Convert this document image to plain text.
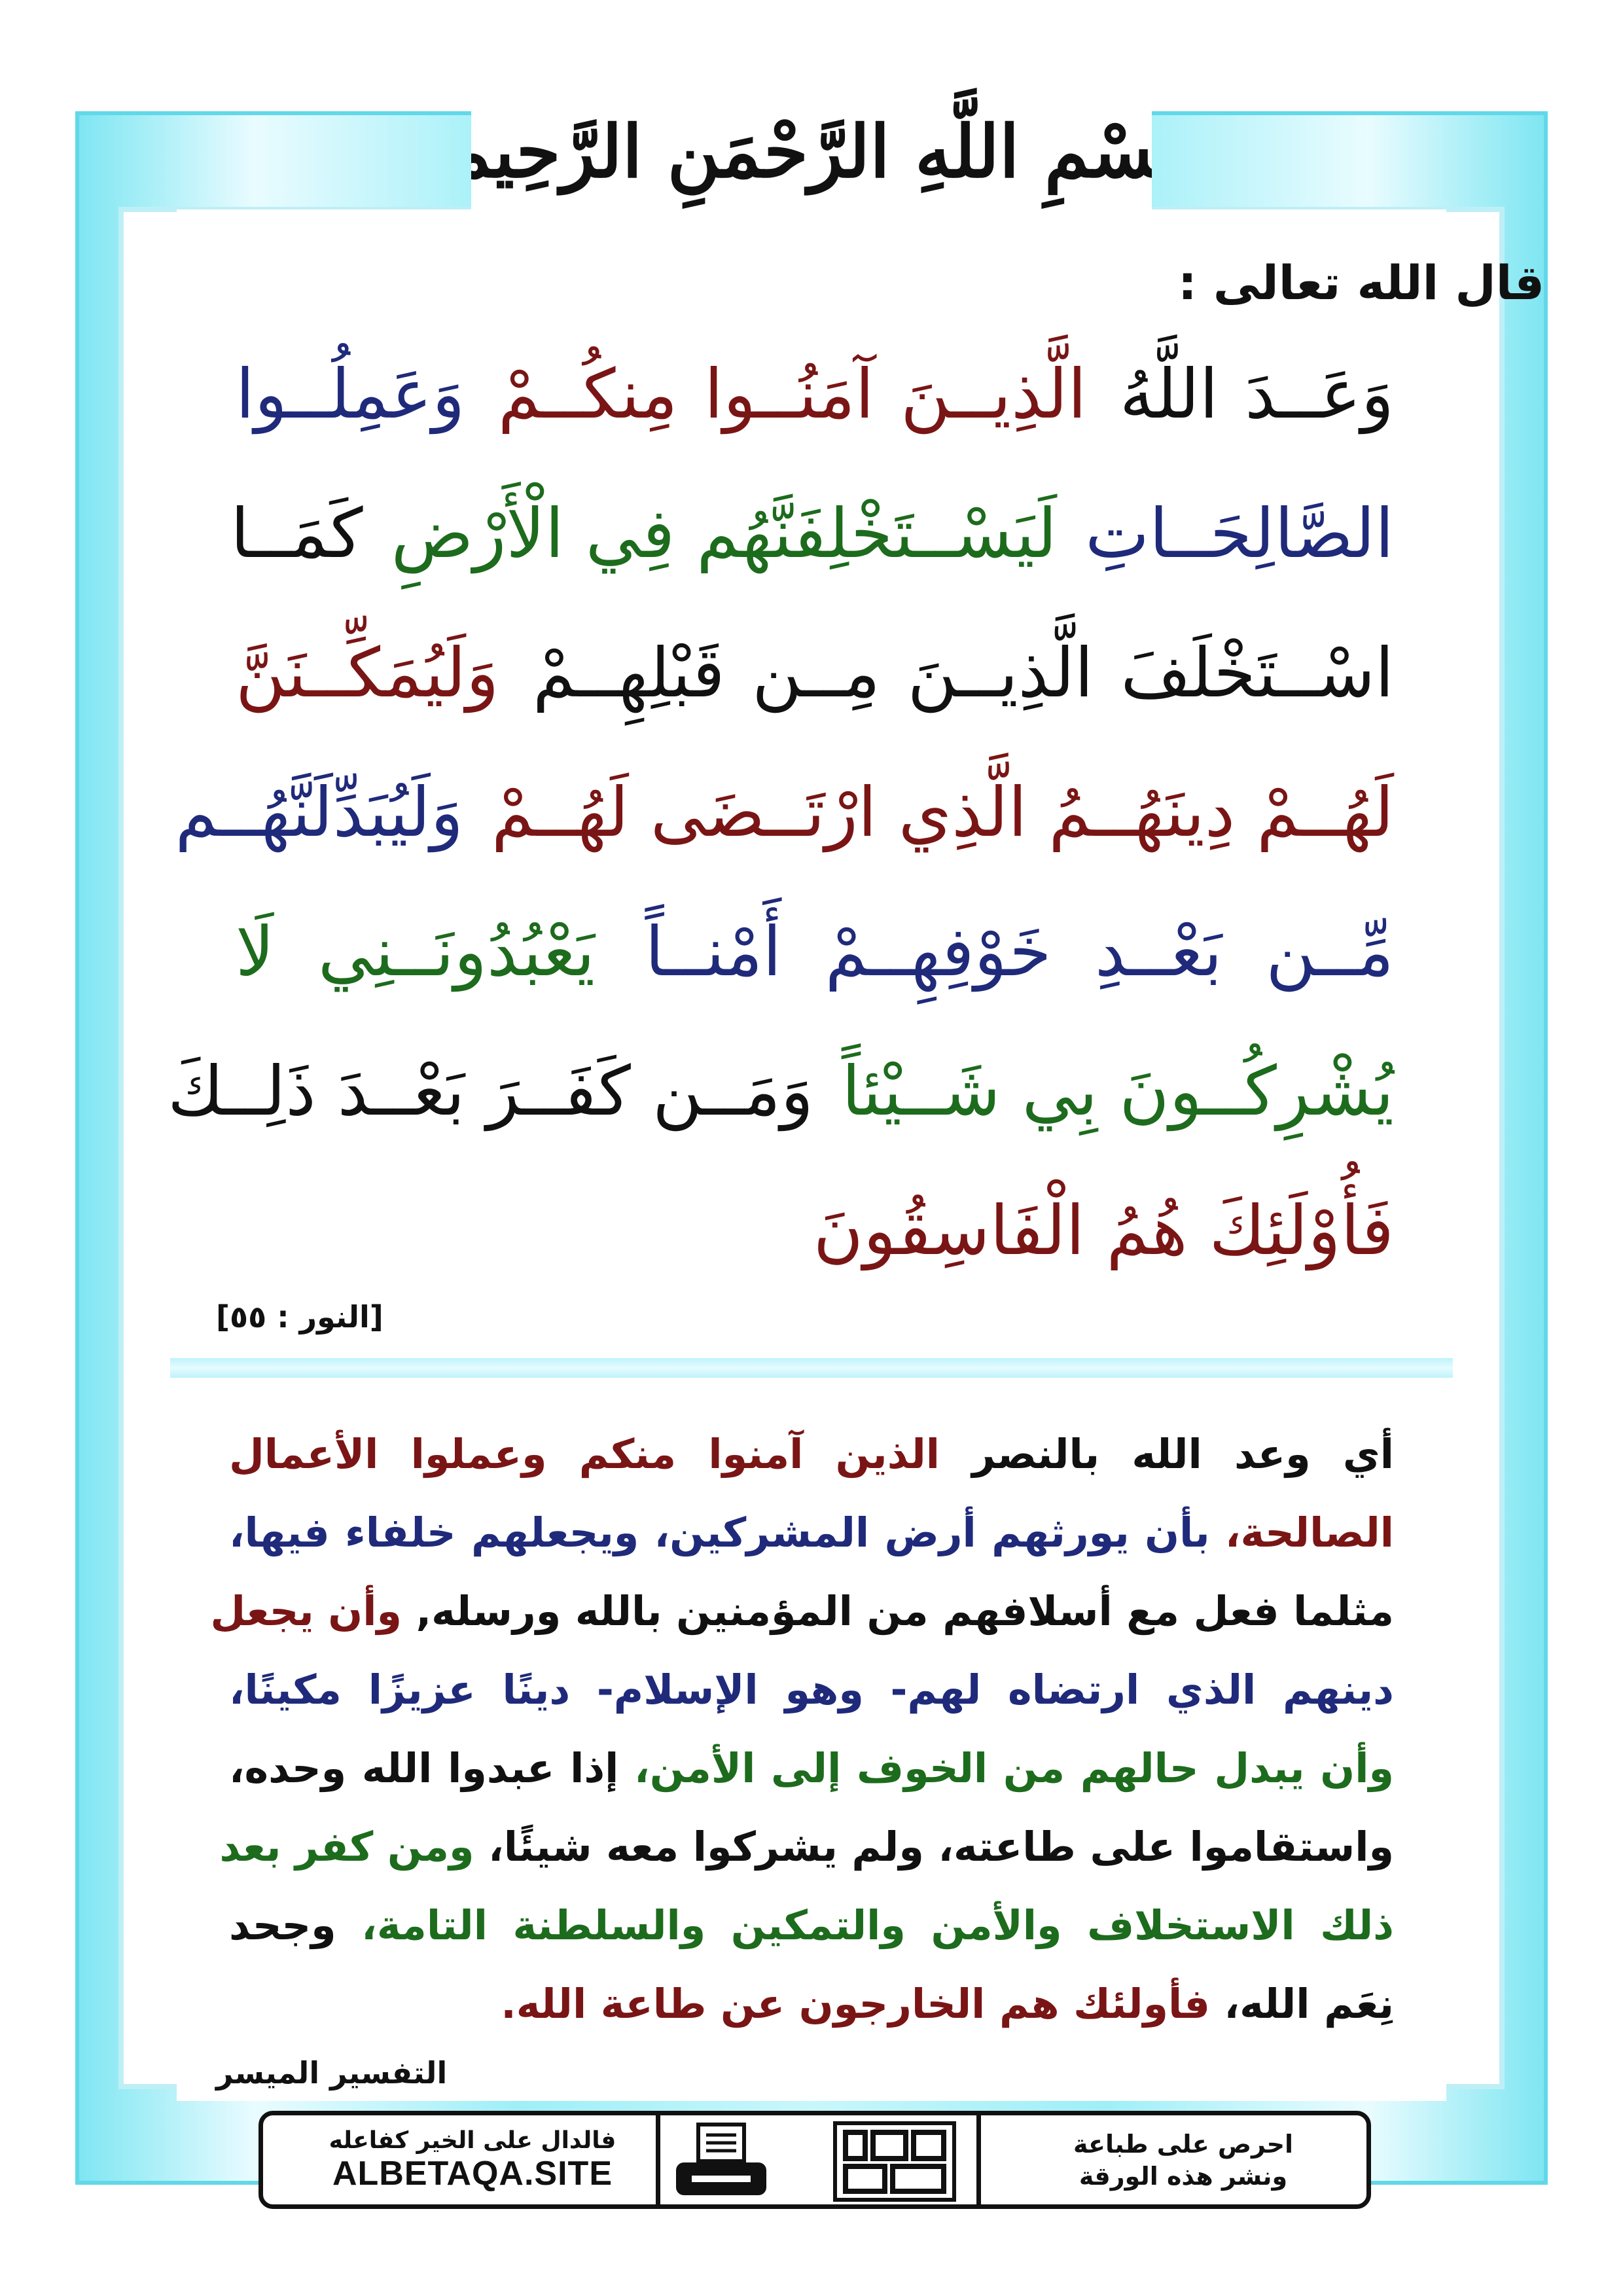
بِسْمِ اللَّهِ الرَّحْمَنِ الرَّحِيمِ
قال الله تعالى :
وَعَــدَ اللَّهُ الَّذِيــنَ آمَنُــوا مِنكُــمْ وَعَمِلُــوا
الصَّالِحَــاتِ لَيَسْــتَخْلِفَنَّهُم فِي الْأَرْضِ كَمَــا
اسْــتَخْلَفَ الَّذِيــنَ مِــن قَبْلِهِــمْ وَلَيُمَكِّــنَنَّ
لَهُــمْ دِينَهُــمُ الَّذِي ارْتَــضَى لَهُــمْ وَلَيُبَدِّلَنَّهُــم
مِّــن بَعْــدِ خَوْفِهِــمْ أَمْنــاً يَعْبُدُونَــنِي لَا
يُشْرِكُــونَ بِي شَــيْئاً وَمَــن كَفَــرَ بَعْــدَ ذَلِــكَ
فَأُوْلَئِكَ هُمُ الْفَاسِقُونَ
[النور : ٥٥]
أي وعد الله بالنصر الذين آمنوا منكم وعملوا الأعمال
الصالحة، بأن يورثهم أرض المشركين، ويجعلهم خلفاء فيها،
مثلما فعل مع أسلافهم من المؤمنين بالله ورسله, وأن يجعل
دينهم الذي ارتضاه لهم- وهو الإسلام- دينًا عزيزًا مكينًا،
وأن يبدل حالهم من الخوف إلى الأمن، إذا عبدوا الله وحده،
واستقاموا على طاعته، ولم يشركوا معه شيئًا، ومن كفر بعد
ذلك الاستخلاف والأمن والتمكين والسلطنة التامة، وجحد
نِعَم الله، فأولئك هم الخارجون عن طاعة الله.
التفسير الميسر
فالدال على الخير كفاعله
ALBETAQA.SITE
احرص على طباعة
ونشر هذه الورقة
